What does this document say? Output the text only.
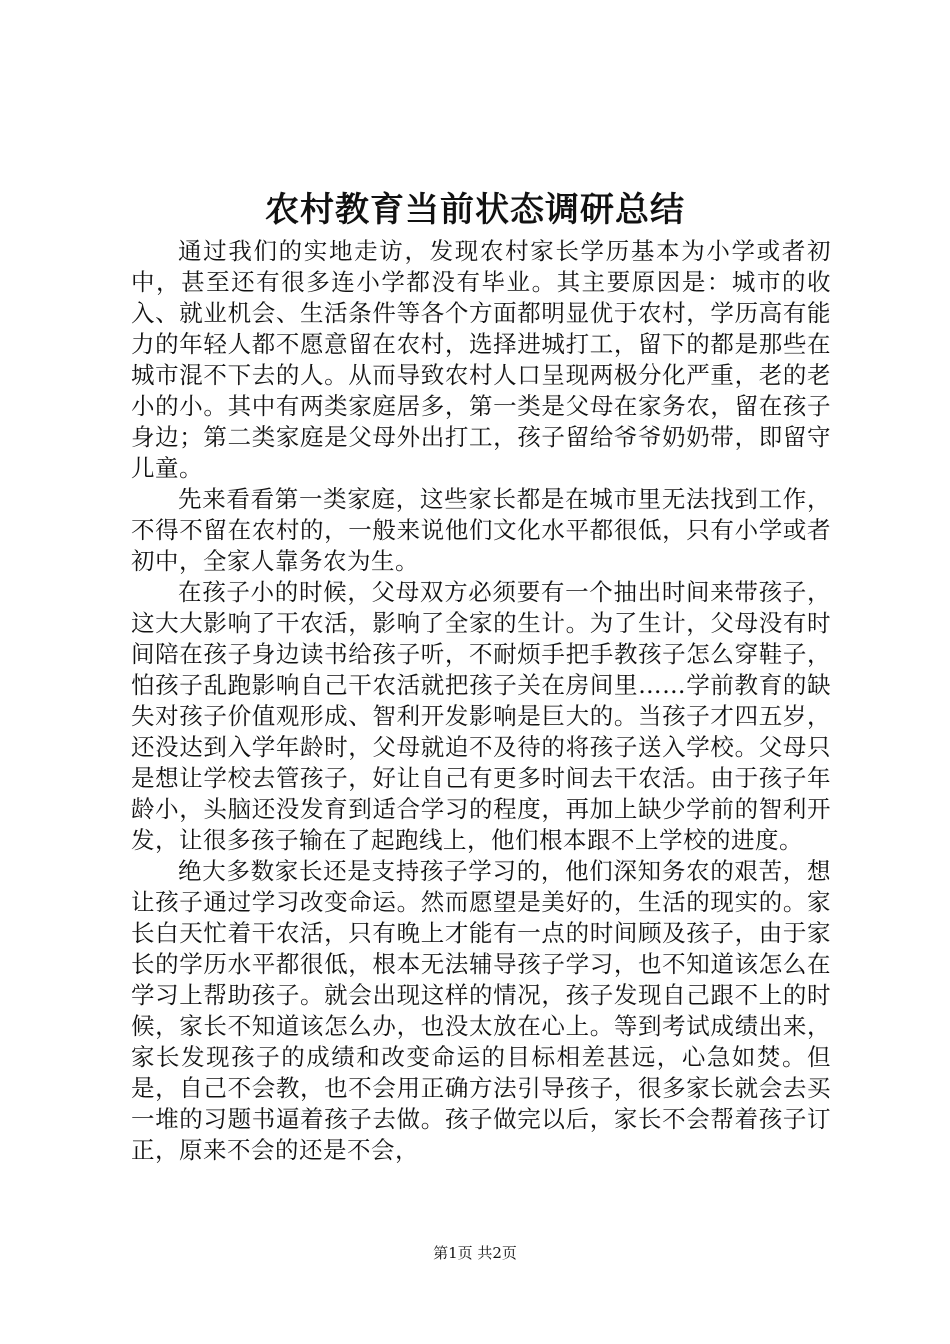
农村教育当前状态调研总结

通过我们的实地走访，发现农村家长学历基本为小学或者初中，甚至还有很多连小学都没有毕业。其主要原因是：城市的收入、就业机会、生活条件等各个方面都明显优于农村，学历高有能力的年轻人都不愿意留在农村，选择进城打工，留下的都是那些在城市混不下去的人。从而导致农村人口呈现两极分化严重，老的老小的小。其中有两类家庭居多，第一类是父母在家务农，留在孩子身边；第二类家庭是父母外出打工，孩子留给爷爷奶奶带，即留守儿童。

先来看看第一类家庭，这些家长都是在城市里无法找到工作，不得不留在农村的，一般来说他们文化水平都很低，只有小学或者初中，全家人靠务农为生。

在孩子小的时候，父母双方必须要有一个抽出时间来带孩子，这大大影响了干农活，影响了全家的生计。为了生计，父母没有时间陪在孩子身边读书给孩子听，不耐烦手把手教孩子怎么穿鞋子，怕孩子乱跑影响自己干农活就把孩子关在房间里……学前教育的缺失对孩子价值观形成、智利开发影响是巨大的。当孩子才四五岁，还没达到入学年龄时，父母就迫不及待的将孩子送入学校。父母只是想让学校去管孩子，好让自己有更多时间去干农活。由于孩子年龄小，头脑还没发育到适合学习的程度，再加上缺少学前的智利开发，让很多孩子输在了起跑线上，他们根本跟不上学校的进度。

绝大多数家长还是支持孩子学习的，他们深知务农的艰苦，想让孩子通过学习改变命运。然而愿望是美好的，生活的现实的。家长白天忙着干农活，只有晚上才能有一点的时间顾及孩子，由于家长的学历水平都很低，根本无法辅导孩子学习，也不知道该怎么在学习上帮助孩子。就会出现这样的情况，孩子发现自己跟不上的时候，家长不知道该怎么办，也没太放在心上。等到考试成绩出来，家长发现孩子的成绩和改变命运的目标相差甚远，心急如焚。但是，自己不会教，也不会用正确方法引导孩子，很多家长就会去买一堆的习题书逼着孩子去做。孩子做完以后，家长不会帮着孩子订正，原来不会的还是不会，

第1页 共2页
